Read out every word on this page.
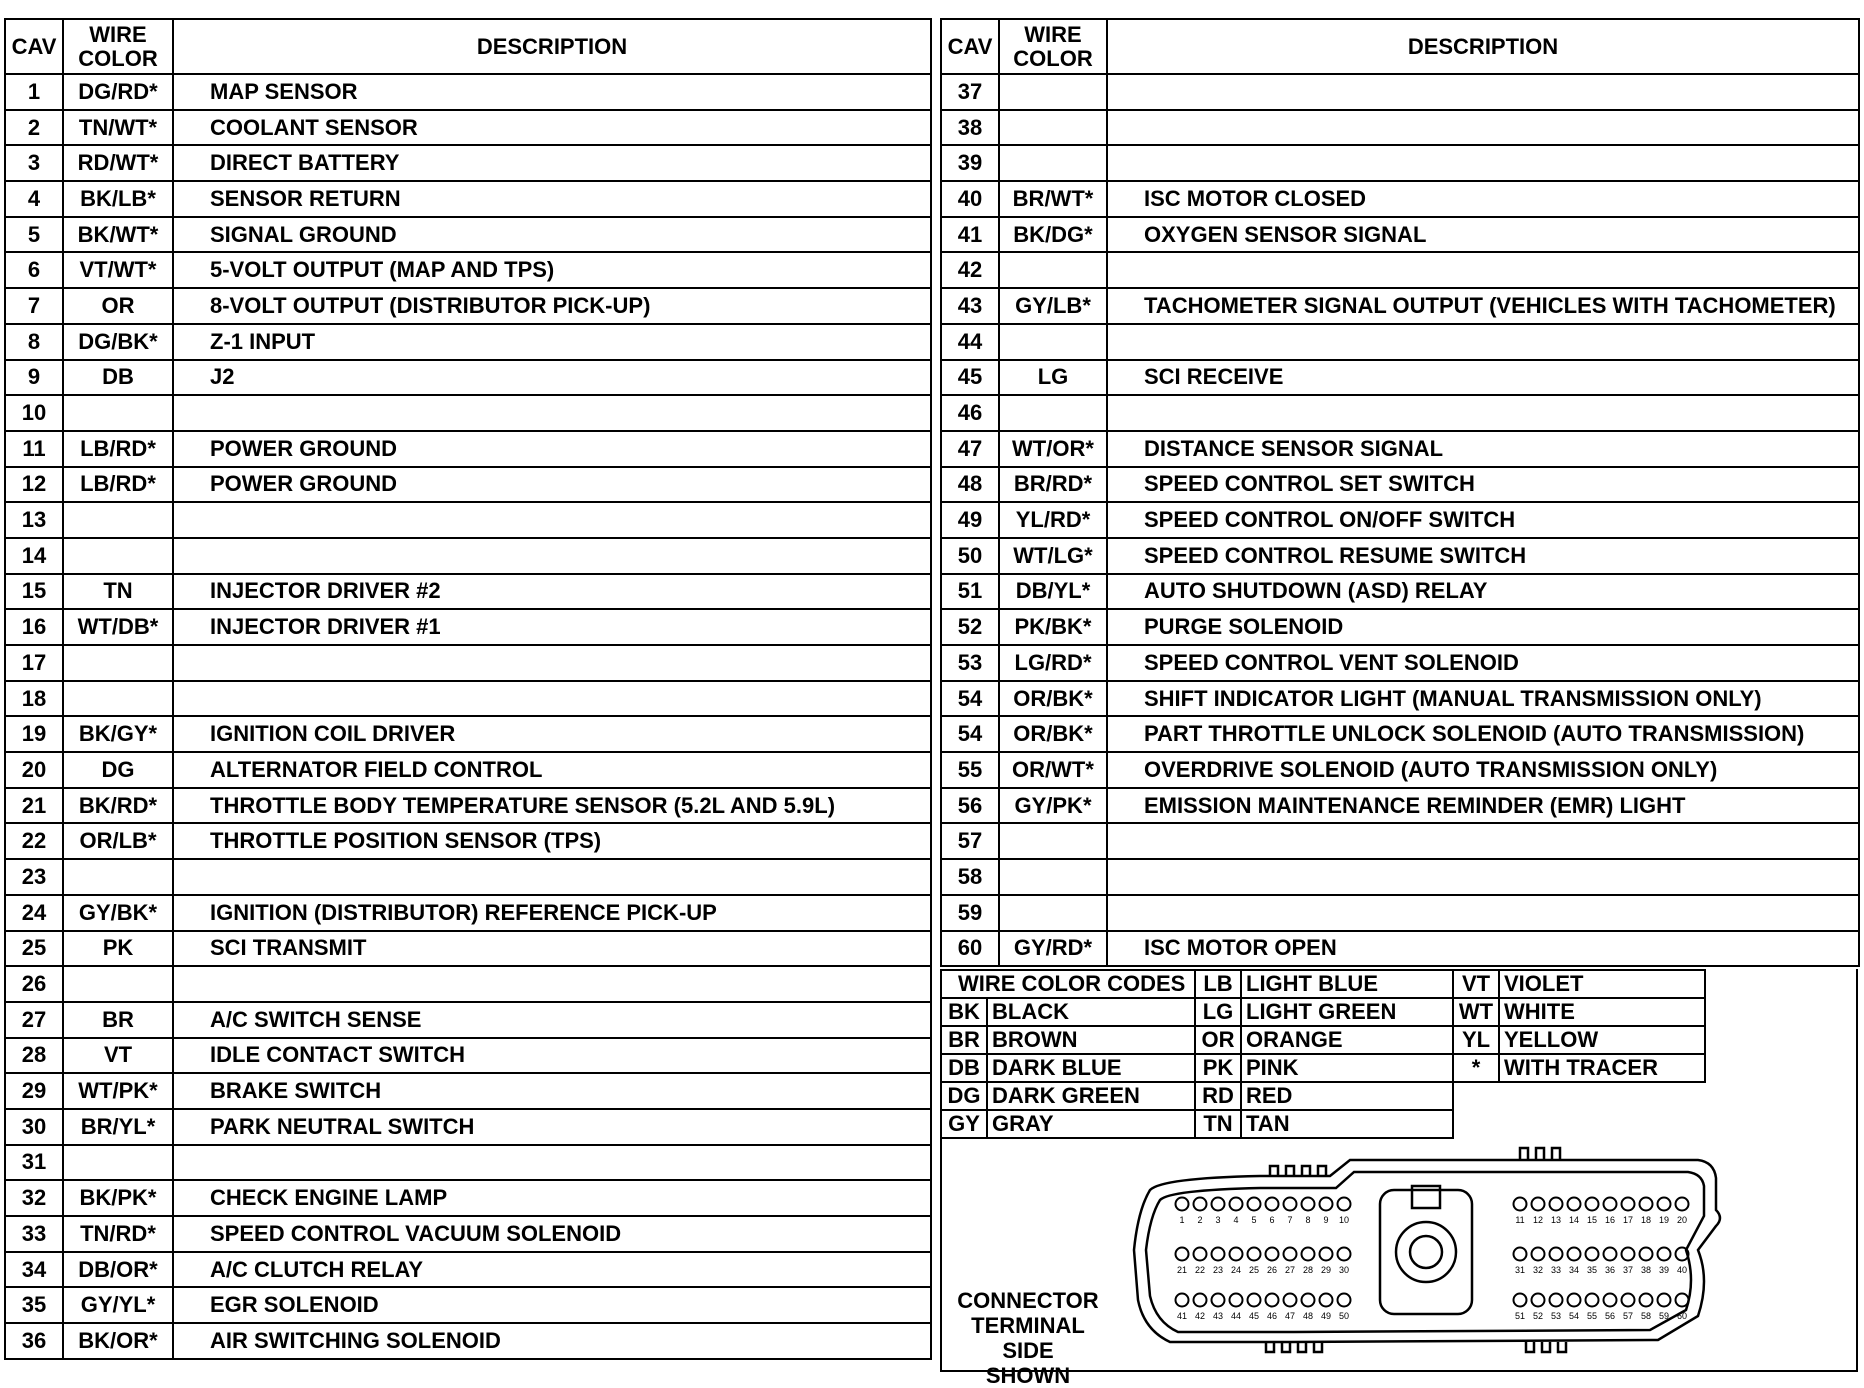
CAV	WIRE COLOR	DESCRIPTION
1	DG/RD*	MAP SENSOR
2	TN/WT*	COOLANT SENSOR
3	RD/WT*	DIRECT BATTERY
4	BK/LB*	SENSOR RETURN
5	BK/WT*	SIGNAL GROUND
6	VT/WT*	5-VOLT OUTPUT (MAP AND TPS)
7	OR	8-VOLT OUTPUT (DISTRIBUTOR PICK-UP)
8	DG/BK*	Z-1 INPUT
9	DB	J2
10		
11	LB/RD*	POWER GROUND
12	LB/RD*	POWER GROUND
13		
14		
15	TN	INJECTOR DRIVER #2
16	WT/DB*	INJECTOR DRIVER #1
17		
18		
19	BK/GY*	IGNITION COIL DRIVER
20	DG	ALTERNATOR FIELD CONTROL
21	BK/RD*	THROTTLE BODY TEMPERATURE SENSOR (5.2L AND 5.9L)
22	OR/LB*	THROTTLE POSITION SENSOR (TPS)
23		
24	GY/BK*	IGNITION (DISTRIBUTOR) REFERENCE PICK-UP
25	PK	SCI TRANSMIT
26		
27	BR	A/C SWITCH SENSE
28	VT	IDLE CONTACT SWITCH
29	WT/PK*	BRAKE SWITCH
30	BR/YL*	PARK NEUTRAL SWITCH
31		
32	BK/PK*	CHECK ENGINE LAMP
33	TN/RD*	SPEED CONTROL VACUUM SOLENOID
34	DB/OR*	A/C CLUTCH RELAY
35	GY/YL*	EGR SOLENOID
36	BK/OR*	AIR SWITCHING SOLENOID
CAV	WIRE COLOR	DESCRIPTION
37		
38		
39		
40	BR/WT*	ISC MOTOR CLOSED
41	BK/DG*	OXYGEN SENSOR SIGNAL
42		
43	GY/LB*	TACHOMETER SIGNAL OUTPUT (VEHICLES WITH TACHOMETER)
44		
45	LG	SCI RECEIVE
46		
47	WT/OR*	DISTANCE SENSOR SIGNAL
48	BR/RD*	SPEED CONTROL SET SWITCH
49	YL/RD*	SPEED CONTROL ON/OFF SWITCH
50	WT/LG*	SPEED CONTROL RESUME SWITCH
51	DB/YL*	AUTO SHUTDOWN (ASD) RELAY
52	PK/BK*	PURGE SOLENOID
53	LG/RD*	SPEED CONTROL VENT SOLENOID
54	OR/BK*	SHIFT INDICATOR LIGHT (MANUAL TRANSMISSION ONLY)
54	OR/BK*	PART THROTTLE UNLOCK SOLENOID (AUTO TRANSMISSION)
55	OR/WT*	OVERDRIVE SOLENOID (AUTO TRANSMISSION ONLY)
56	GY/PK*	EMISSION MAINTENANCE REMINDER (EMR) LIGHT
57		
58		
59		
60	GY/RD*	ISC MOTOR OPEN
WIRE COLOR CODES		LB	LIGHT BLUE	VT	VIOLET
BK	BLACK	LG	LIGHT GREEN	WT	WHITE
BR	BROWN	OR	ORANGE	YL	YELLOW
DB	DARK BLUE	PK	PINK	*	WITH TRACER
DG	DARK GREEN	RD	RED		
GY	GRAY	TN	TAN		
CONNECTOR
TERMINAL SIDE
SHOWN
1 2 3 4 5 6 7 8 9 10	11 12 13 14 15 16 17 18 19 20
21 22 23 24 25 26 27 28 29 30	31 32 33 34 35 36 37 38 39 40
41 42 43 44 45 46 47 48 49 50	51 52 53 54 55 56 57 58 59 60
